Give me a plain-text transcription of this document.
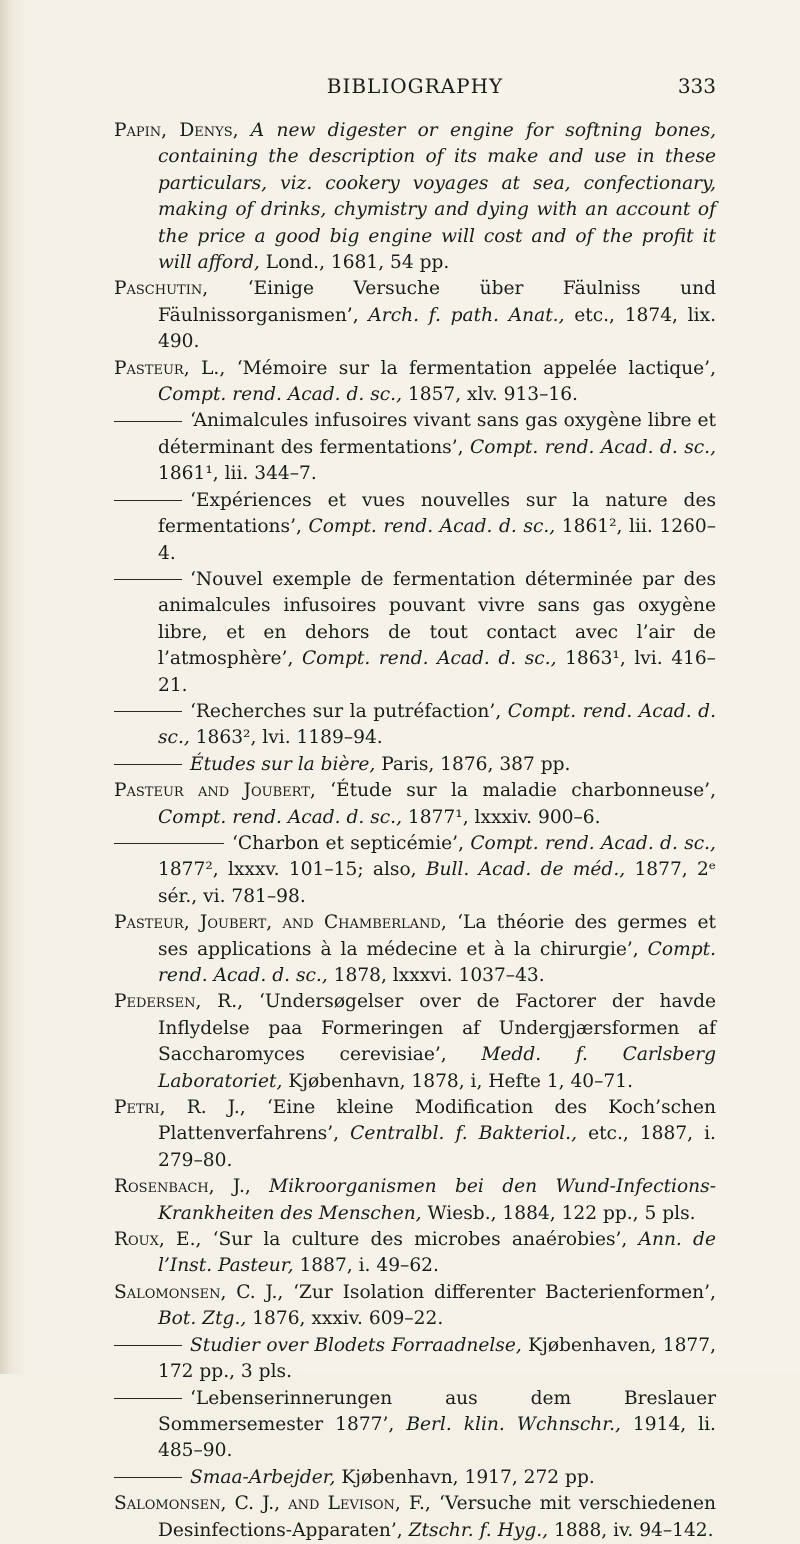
BIBLIOGRAPHY	333

Papin, Denys, A new digester or engine for softning bones, containing the description of its make and use in these particulars, viz. cookery voyages at sea, confectionary, making of drinks, chymistry and dying with an account of the price a good big engine will cost and of the profit it will afford, Lond., 1681, 54 pp.

Paschutin, ‘Einige Versuche über Fäulniss und Fäulnissorganismen’, Arch. f. path. Anat., etc., 1874, lix. 490.

Pasteur, L., ‘Mémoire sur la fermentation appelée lactique’, Compt. rend. Acad. d. sc., 1857, xlv. 913–16.

‘Animalcules infusoires vivant sans gas oxygène libre et déterminant des fermentations’, Compt. rend. Acad. d. sc., 1861¹, lii. 344–7.

‘Expériences et vues nouvelles sur la nature des fermentations’, Compt. rend. Acad. d. sc., 1861², lii. 1260–4.

‘Nouvel exemple de fermentation déterminée par des animalcules infusoires pouvant vivre sans gas oxygène libre, et en dehors de tout contact avec l’air de l’atmosphère’, Compt. rend. Acad. d. sc., 1863¹, lvi. 416–21.

‘Recherches sur la putréfaction’, Compt. rend. Acad. d. sc., 1863², lvi. 1189–94.

Études sur la bière, Paris, 1876, 387 pp.

Pasteur and Joubert, ‘Étude sur la maladie charbonneuse’, Compt. rend. Acad. d. sc., 1877¹, lxxxiv. 900–6.

‘Charbon et septicémie’, Compt. rend. Acad. d. sc., 1877², lxxxv. 101–15; also, Bull. Acad. de méd., 1877, 2ᵉ sér., vi. 781–98.

Pasteur, Joubert, and Chamberland, ‘La théorie des germes et ses applications à la médecine et à la chirurgie’, Compt. rend. Acad. d. sc., 1878, lxxxvi. 1037–43.

Pedersen, R., ‘Undersøgelser over de Factorer der havde Inflydelse paa Formeringen af Undergjærsformen af Saccharomyces cerevisiae’, Medd. f. Carlsberg Laboratoriet, Kjøbenhavn, 1878, i, Hefte 1, 40–71.

Petri, R. J., ‘Eine kleine Modification des Koch’schen Plattenverfahrens’, Centralbl. f. Bakteriol., etc., 1887, i. 279–80.

Rosenbach, J., Mikroorganismen bei den Wund-Infections-Krankheiten des Menschen, Wiesb., 1884, 122 pp., 5 pls.

Roux, E., ‘Sur la culture des microbes anaérobies’, Ann. de l’Inst. Pasteur, 1887, i. 49–62.

Salomonsen, C. J., ‘Zur Isolation differenter Bacterienformen’, Bot. Ztg., 1876, xxxiv. 609–22.

Studier over Blodets Forraadnelse, Kjøbenhaven, 1877, 172 pp., 3 pls.

‘Lebenserinnerungen aus dem Breslauer Sommersemester 1877’, Berl. klin. Wchnschr., 1914, li. 485–90.

Smaa-Arbejder, Kjøbenhavn, 1917, 272 pp.

Salomonsen, C. J., and Levison, F., ‘Versuche mit verschiedenen Desinfections-Apparaten’, Ztschr. f. Hyg., 1888, iv. 94–142.
